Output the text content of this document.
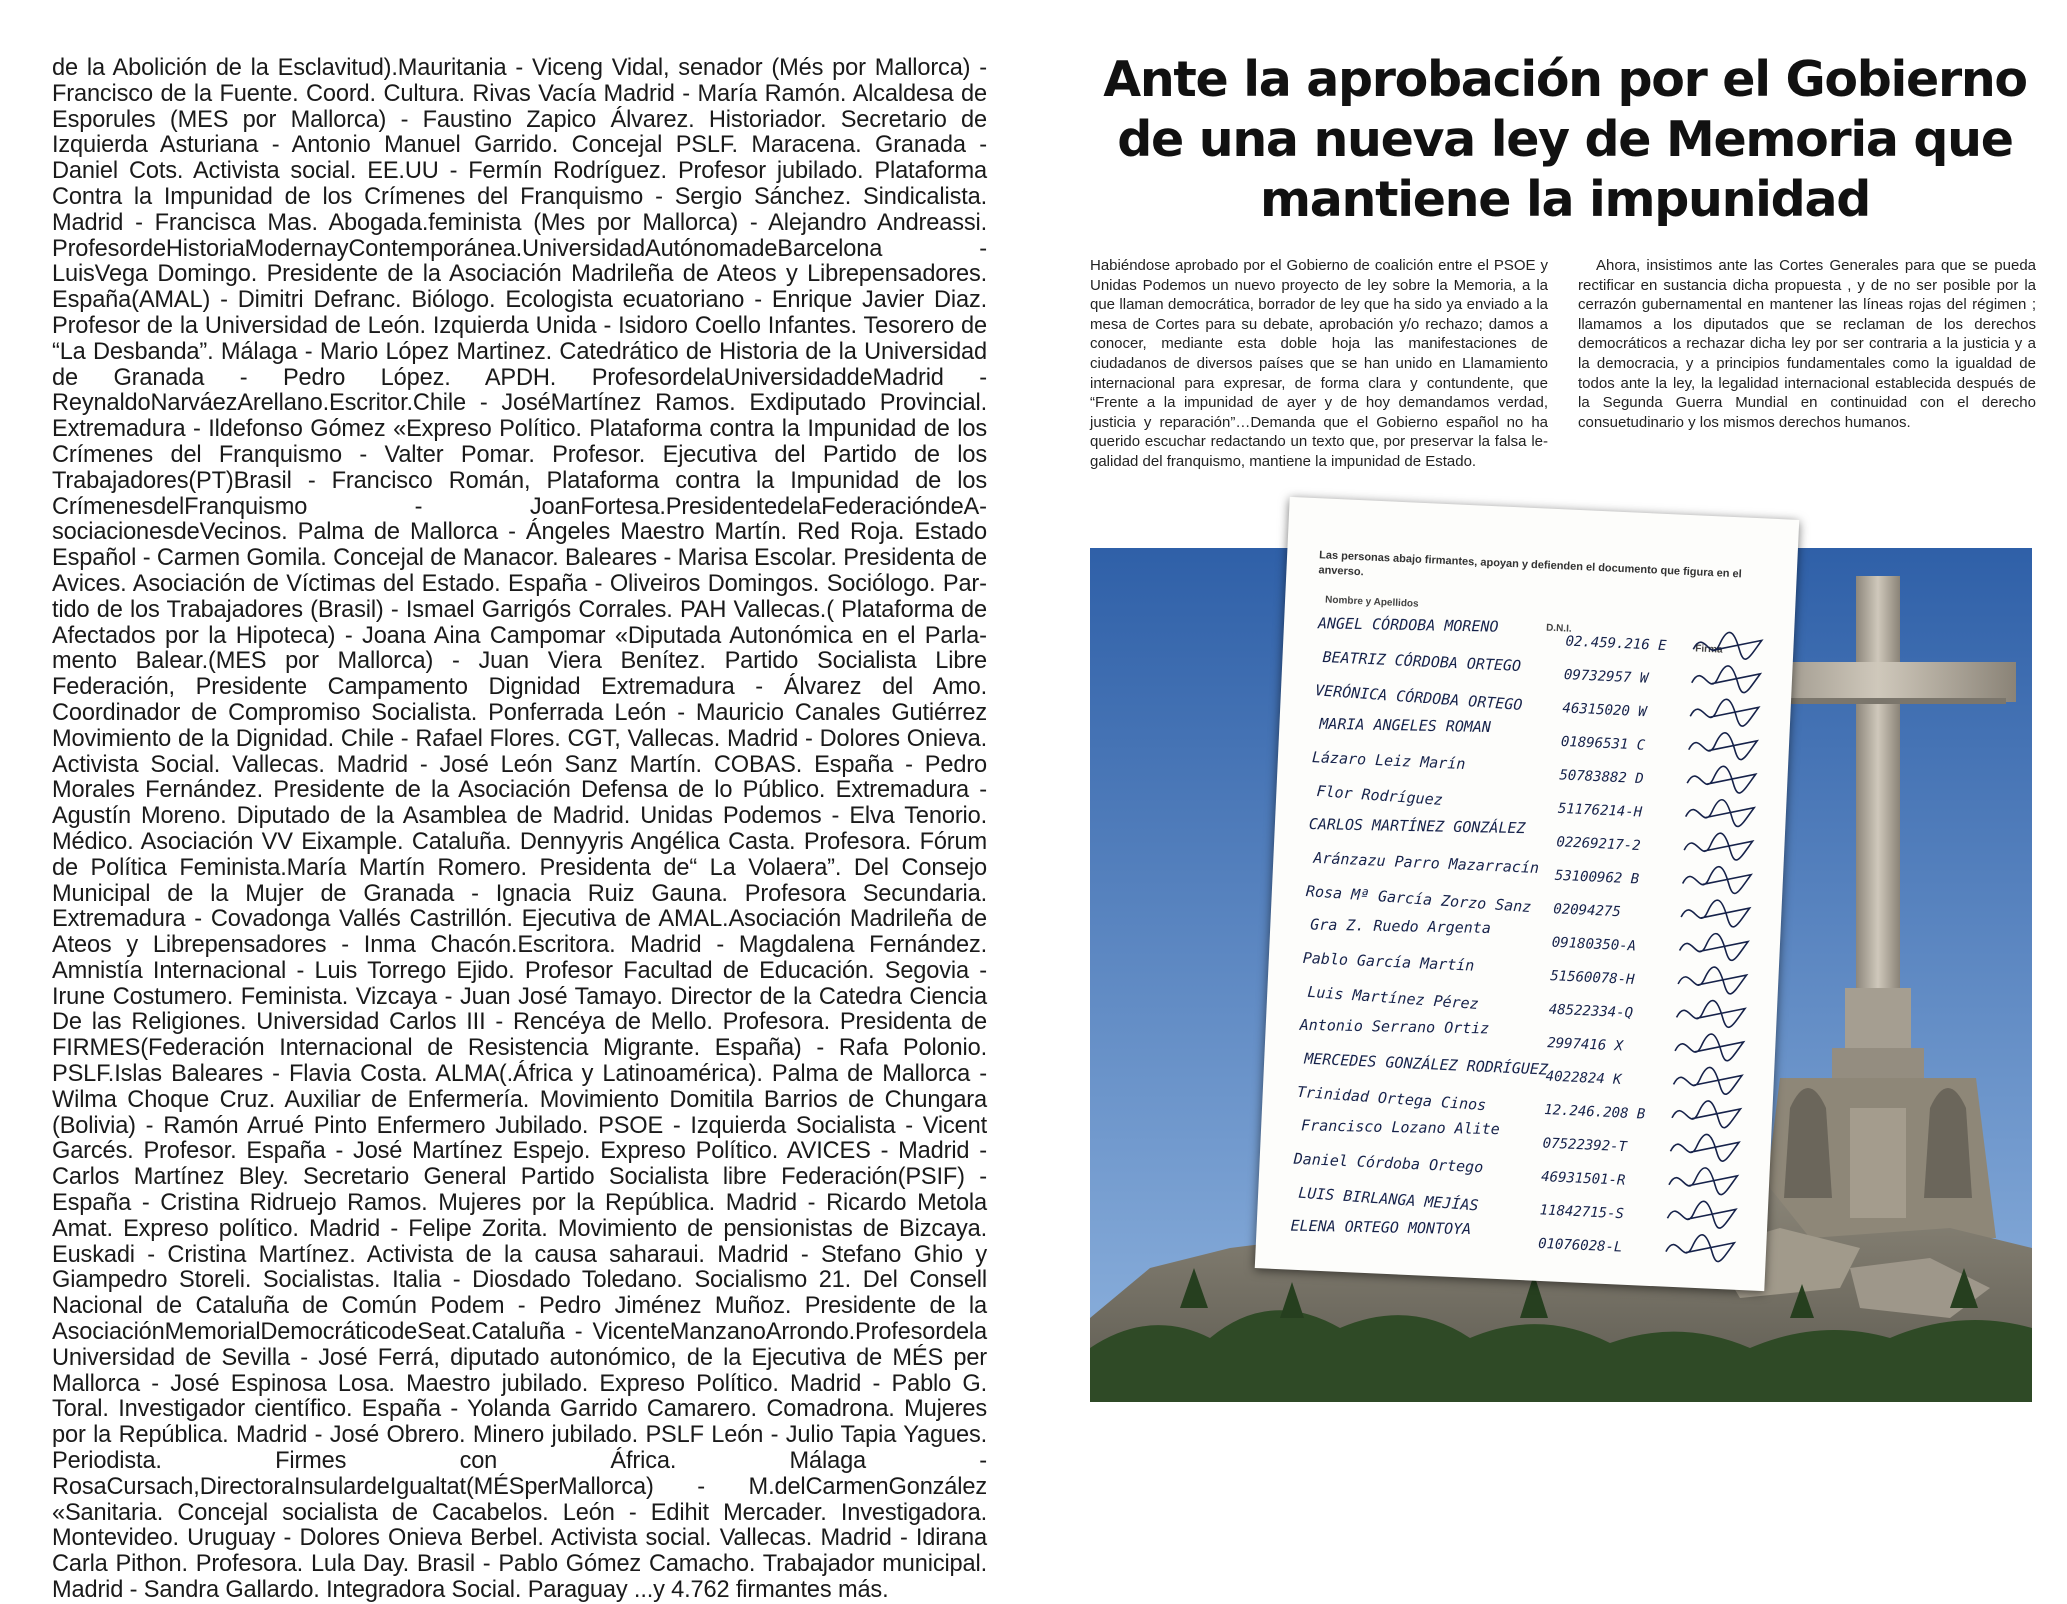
de la Abolición de la Esclavitud).Mauritania - Viceng Vidal, senador (Més por Mallorca) - Francisco de la Fuente. Coord. Cultura. Rivas Vacía Madrid - María Ramón. Alcaldesa de Esporules (MES por Mallorca) - Faustino Zapico Álvarez. Historiador. Secretario de Izquierda Asturiana - Antonio Manuel Garrido. Concejal PSLF. Maracena. Granada - Daniel Cots. Activista social. EE.UU - Fermín Rodríguez. Profesor jubilado. Plataforma Contra la Impunidad de los Crímenes del Franquismo - Sergio Sánchez. Sindicalista. Madrid - Francisca Mas. Abogada.feminista (Mes por Mallorca) - Alejandro Andreassi. ProfesordeHistoriaModernayContemporánea.UniversidadAutónomadeBarcelona - LuisVega Domingo. Presidente de la Asociación Madrileña de Ateos y Librepensadores. España(AMAL) - Dimitri Defranc. Biólogo. Ecologista ecuatoriano - Enrique Javier Diaz. Profesor de la Universidad de León. Izquierda Unida - Isidoro Coello Infantes. Tesorero de “La Desbanda”. Málaga - Mario López Martinez. Catedrático de Historia de la Universidad de Granada - Pedro López. APDH. ProfesordelaUniversidaddeMadrid - ReynaldoNarváezArellano.Escritor.Chile - JoséMartínez Ramos. Exdiputado Provincial. Extremadura - Ildefonso Gómez «Expreso Político. Plataforma contra la Impunidad de los Crímenes del Franquismo - Valter Pomar. Profesor. Ejecutiva del Partido de los Trabajadores(PT)Brasil - Francisco Román, Plataforma contra la Impunidad de los CrímenesdelFranquismo - JoanFortesa.PresidentedelaFederacióndeAsociacionesdeVecinos. Palma de Mallorca - Ángeles Maestro Martín. Red Roja. Estado Español - Carmen Gomila. Concejal de Manacor. Baleares - Marisa Escolar. Presidenta de Avices. Asociación de Víctimas del Estado. España - Oliveiros Domingos. Sociólogo. Partido de los Trabajadores (Brasil) - Ismael Garrigós Corrales. PAH Vallecas.( Plataforma de Afectados por la Hipoteca) - Joana Aina Campomar «Diputada Autonómica en el Parlamento Balear.(MES por Mallorca) - Juan Viera Benítez. Partido Socialista Libre Federación, Presidente Campamento Dignidad Extremadura - Álvarez del Amo. Coordinador de Compromiso Socialista. Ponferrada León - Mauricio Canales Gutiérrez Movimiento de la Dignidad. Chile - Rafael Flores. CGT, Vallecas. Madrid - Dolores Onieva. Activista Social. Vallecas. Madrid - José León Sanz Martín. COBAS. España - Pedro Morales Fernández. Presidente de la Asociación Defensa de lo Público. Extremadura - Agustín Moreno. Diputado de la Asamblea de Madrid. Unidas Podemos - Elva Tenorio. Médico. Asociación VV Eixample. Cataluña. Dennyyris Angélica Casta. Profesora. Fórum de Política Feminista.María Martín Romero. Presidenta de“ La Volaera”. Del Consejo Municipal de la Mujer de Granada - Ignacia Ruiz Gauna. Profesora Secundaria. Extremadura - Covadonga Vallés Castrillón. Ejecutiva de AMAL.Asociación Madrileña de Ateos y Librepensadores - Inma Chacón.Escritora. Madrid - Magdalena Fernández. Amnistía Internacional - Luis Torrego Ejido. Profesor Facultad de Educación. Segovia - Irune Costumero. Feminista. Vizcaya - Juan José Tamayo. Director de la Catedra Ciencia De las Religiones. Universidad Carlos III - Rencéya de Mello. Profesora. Presidenta de FIRMES(Federación Internacional de Resistencia Migrante. España) - Rafa Polonio. PSLF.Islas Baleares - Flavia Costa. ALMA(.África y Latinoamérica). Palma de Mallorca - Wilma Choque Cruz. Auxiliar de Enfermería. Movimiento Domitila Barrios de Chungara (Bolivia) - Ramón Arrué Pinto Enfermero Jubilado. PSOE - Izquierda Socialista - Vicent Garcés. Profesor. España - José Martínez Espejo. Expreso Político. AVICES - Madrid - Carlos Martínez Bley. Secretario General Partido Socialista libre Federación(PSIF) - España - Cristina Ridruejo Ramos. Mujeres por la República. Madrid - Ricardo Metola Amat. Expreso político. Madrid - Felipe Zorita. Movimiento de pensionistas de Bizcaya. Euskadi - Cristina Martínez. Activista de la causa saharaui. Madrid - Stefano Ghio y Giampedro Storeli. Socialistas. Italia - Diosdado Toledano. Socialismo 21. Del Consell Nacional de Cataluña de Común Podem - Pedro Jiménez Muñoz. Presidente de la AsociaciónMemorialDemocráticodeSeat.Cataluña - VicenteManzanoArrondo.Profesordela Universidad de Sevilla - José Ferrá, diputado autonómico, de la Ejecutiva de MÉS per Mallorca - José Espinosa Losa. Maestro jubilado. Expreso Político. Madrid - Pablo G. Toral. Investigador científico. España - Yolanda Garrido Camarero. Comadrona. Mujeres por la República. Madrid - José Obrero. Minero jubilado. PSLF León - Julio Tapia Yagues. Periodista. Firmes con África. Málaga - RosaCursach,DirectoraInsulardeIgualtat(MÉSperMallorca) - M.delCarmenGonzález «Sanitaria. Concejal socialista de Cacabelos. León - Edihit Mercader. Investigadora. Montevideo. Uruguay - Dolores Onieva Berbel. Activista social. Vallecas. Madrid - Idirana Carla Pithon. Profesora. Lula Day. Brasil - Pablo Gómez Camacho. Trabajador municipal. Madrid - Sandra Gallardo. Integradora Social. Paraguay ...y 4.762 firmantes más.
Ante la aprobación por el Gobierno de una nueva ley de Memoria que mantiene la impunidad

Habiéndose aprobado por el Gobierno de coalición entre el PSOE y Unidas Podemos un nuevo proyecto de ley sobre la Memoria, a la que llaman democrática, borrador de ley que ha sido ya enviado a la mesa de Cortes para su debate, aprobación y/o rechazo; damos a conocer, mediante esta doble hoja las manifestaciones de ciudadanos de diversos países que se han unido en Llamamiento internacional para expresar, de forma clara y contundente, que “Frente a la impunidad de ayer y de hoy demandamos verdad, justicia y reparación”…Demanda que el Gobierno español no ha querido escuchar redactando un texto que, por preservar la falsa legalidad del franquismo, mantiene la impunidad de Estado.

Ahora, insistimos ante las Cortes Generales para que se pueda rectificar en sustancia dicha propuesta , y de no ser posible por la cerrazón gubernamental en mantener las líneas rojas del régimen ; llamamos a los diputados que se reclaman de los derechos democráticos a rechazar dicha ley por ser contraria a la justicia y a la democracia, y a principios fundamentales como la igualdad de todos ante la ley, la legalidad internacional establecida después de la Segunda Guerra Mundial en continuidad con el derecho consuetudinario y los mismos derechos humanos.

Las personas abajo firmantes, apoyan y defienden el documento que figura en el anverso.
Nombre y Apellidos
D.N.I.
Firma
ANGEL CÓRDOBA MORENO
02.459.216 E
BEATRIZ CÓRDOBA ORTEGO
09732957 W
VERÓNICA CÓRDOBA ORTEGO	46315020 W
MARIA ANGELES ROMAN
01896531 C
Lázaro Leiz Marín
50783882 D
Flor Rodríguez
51176214-H
CARLOS MARTÍNEZ GONZÁLEZ
02269217-2
Aránzazu Parro Mazarracín
53100962 B
Rosa Mª García Zorzo Sanz 02094275
Gra Z. Ruedo Argenta
09180350-A
Pablo García Martín
51560078-H
Luis Martínez Pérez	48522334-Q
Antonio Serrano Ortiz
2997416 X
MERCEDES GONZÁLEZ RODRÍGUEZ
4022824 K
Trinidad Ortega Cinos	12.246.208 B
Francisco Lozano Alite
07522392-T
Daniel Córdoba Ortego
46931501-R
LUIS BIRLANGA MEJÍAS	11842715-S
ELENA ORTEGO MONTOYA
01076028-L
